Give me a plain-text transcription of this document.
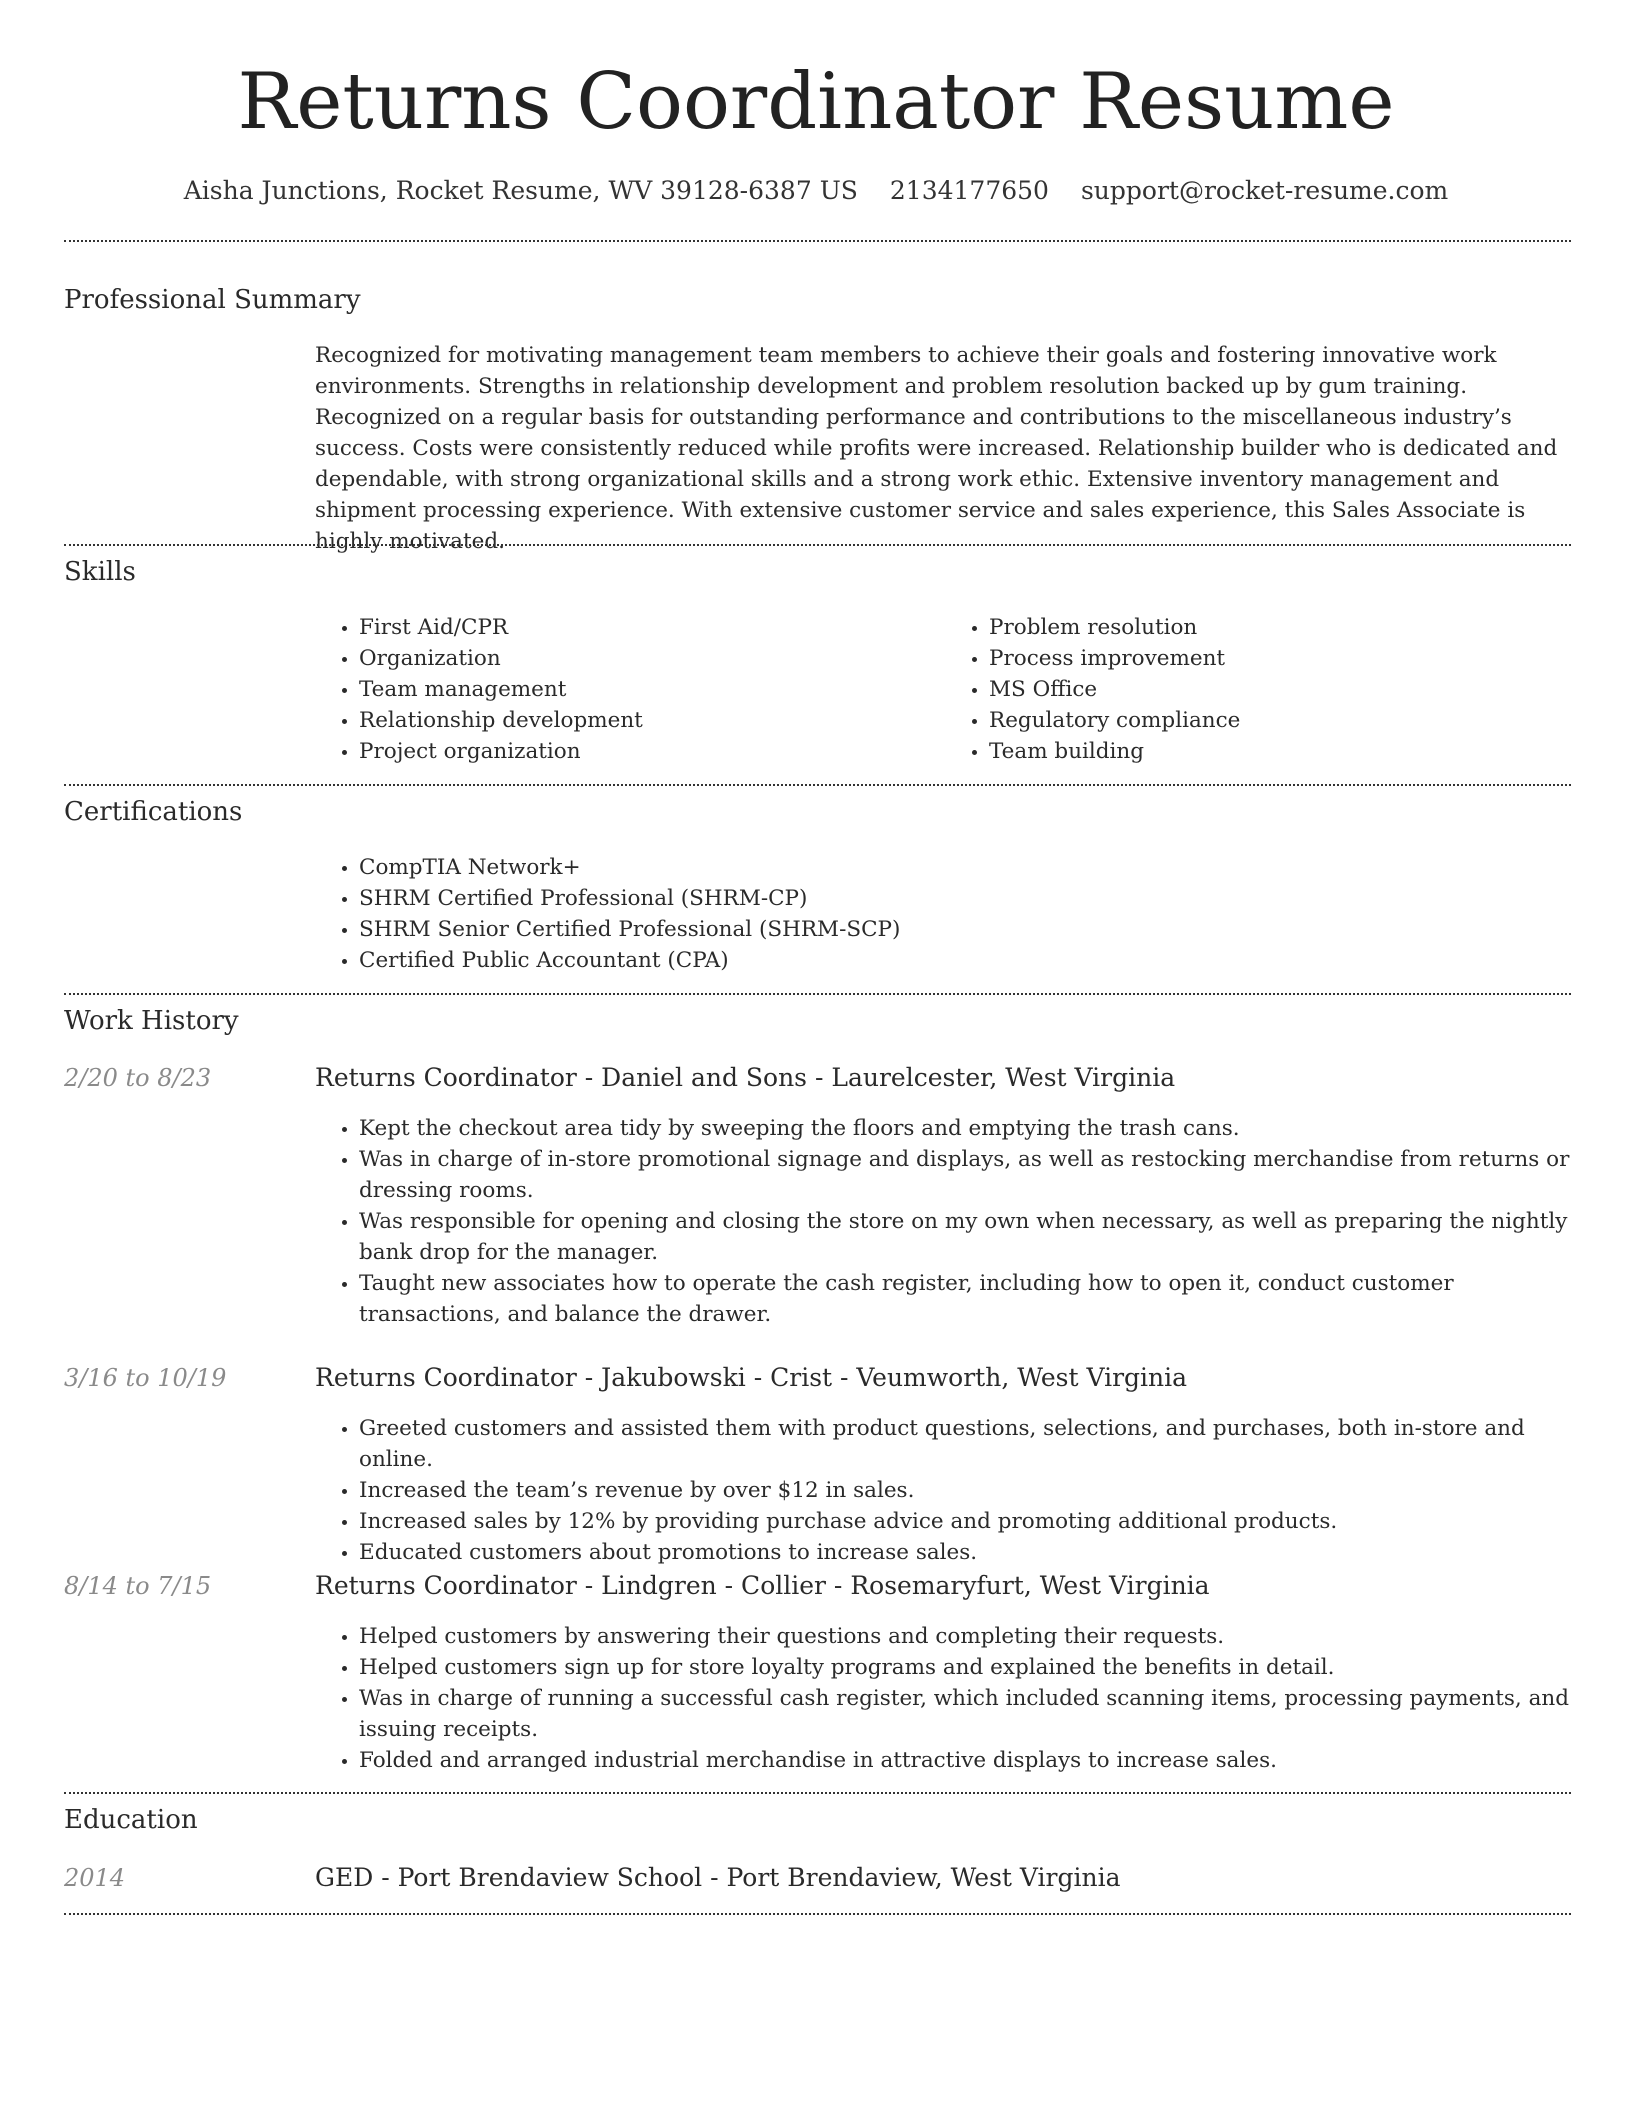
Returns Coordinator Resume
Aisha Junctions, Rocket Resume, WV 39128-6387 US 2134177650 support@rocket-resume.com
Professional Summary

Recognized for motivating management team members to achieve their goals and fostering innovative work environments. Strengths in relationship development and problem resolution backed up by gum training. Recognized on a regular basis for outstanding performance and contributions to the miscellaneous industry’s success. Costs were consistently reduced while profits were increased. Relationship builder who is dedicated and dependable, with strong organizational skills and a strong work ethic. Extensive inventory management and shipment processing experience. With extensive customer service and sales experience, this Sales Associate is highly motivated.

Skills
• First Aid/CPR
• Organization
• Team management
• Relationship development
• Project organization
• Problem resolution
• Process improvement
• MS Office
• Regulatory compliance
• Team building
Certifications
• CompTIA Network+
• SHRM Certified Professional (SHRM-CP)
• SHRM Senior Certified Professional (SHRM-SCP)
• Certified Public Accountant (CPA)
Work History
2/20 to 8/23	Returns Coordinator - Daniel and Sons - Laurelcester, West Virginia
• Kept the checkout area tidy by sweeping the floors and emptying the trash cans.
• Was in charge of in-store promotional signage and displays, as well as restocking merchandise from returns or dressing rooms.
• Was responsible for opening and closing the store on my own when necessary, as well as preparing the nightly bank drop for the manager.
• Taught new associates how to operate the cash register, including how to open it, conduct customer transactions, and balance the drawer.
3/16 to 10/19	Returns Coordinator - Jakubowski - Crist - Veumworth, West Virginia
• Greeted customers and assisted them with product questions, selections, and purchases, both in-store and online.
• Increased the team’s revenue by over $12 in sales.
• Increased sales by 12% by providing purchase advice and promoting additional products.
• Educated customers about promotions to increase sales.
8/14 to 7/15	Returns Coordinator - Lindgren - Collier - Rosemaryfurt, West Virginia
• Helped customers by answering their questions and completing their requests.
• Helped customers sign up for store loyalty programs and explained the benefits in detail.
• Was in charge of running a successful cash register, which included scanning items, processing payments, and issuing receipts.
• Folded and arranged industrial merchandise in attractive displays to increase sales.
Education
2014	GED - Port Brendaview School - Port Brendaview, West Virginia
